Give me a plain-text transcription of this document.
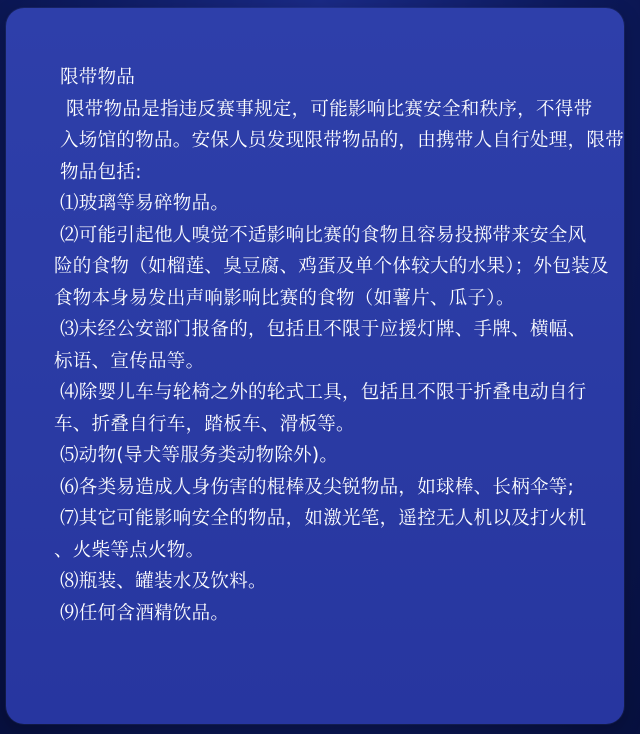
限带物品
限带物品是指违反赛事规定，可能影响比赛安全和秩序，不得带
入场馆的物品。安保人员发现限带物品的，由携带人自行处理，限带
物品包括:
⑴玻璃等易碎物品。
⑵可能引起他人嗅觉不适影响比赛的食物且容易投掷带来安全风
险的食物（如榴莲、臭豆腐、鸡蛋及单个体较大的水果）；外包装及
食物本身易发出声响影响比赛的食物（如薯片、瓜子）。
⑶未经公安部门报备的，包括且不限于应援灯牌、手牌、横幅、
标语、宣传品等。
⑷除婴儿车与轮椅之外的轮式工具，包括且不限于折叠电动自行
车、折叠自行车，踏板车、滑板等。
⑸动物(导犬等服务类动物除外)。
⑹各类易造成人身伤害的棍棒及尖锐物品，如球棒、长柄伞等;
⑺其它可能影响安全的物品，如激光笔，遥控无人机以及打火机
、火柴等点火物。
⑻瓶装、罐装水及饮料。
⑼任何含酒精饮品。
